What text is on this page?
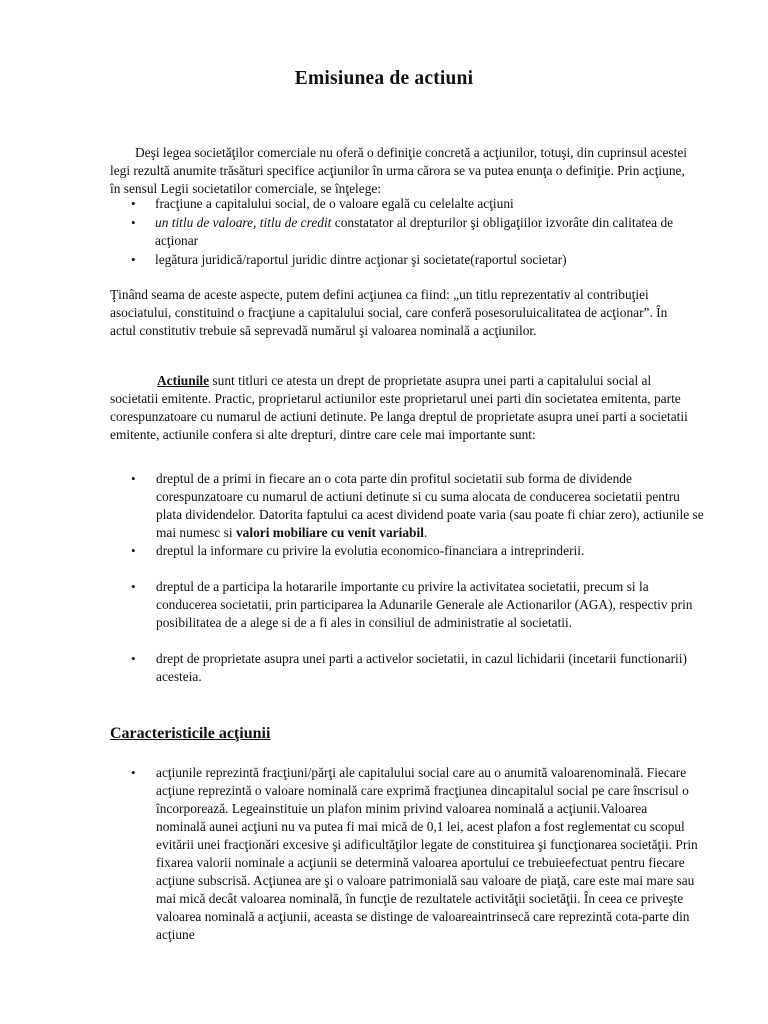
Emisiunea de actiuni
Deşi legea societăţilor comerciale nu oferă o definiţie concretă a acţiunilor, totuşi, din cuprinsul acestei legi rezultă anumite trăsături specifice acţiunilor în urma cărora se va putea enunţa o definiţie. Prin acţiune, în sensul Legii societatilor comerciale, se înţelege:
• fracţiune a capitalului social, de o valoare egală cu celelalte acţiuni
• un titlu de valoare, titlu de credit constatator al drepturilor şi obligaţiilor izvorâte din calitatea de acţionar
• legătura juridică/raportul juridic dintre acţionar şi societate(raportul societar)
Ţinând seama de aceste aspecte, putem defini acţiunea ca fiind: „un titlu reprezentativ al contribuţiei asociatului, constituind o fracţiune a capitalului social, care conferă posesoruluicalitatea de acţionar”. În actul constitutiv trebuie să seprevadă numărul şi valoarea nominală a acţiunilor.
Actiunile sunt titluri ce atesta un drept de proprietate asupra unei parti a capitalului social al societatii emitente. Practic, proprietarul actiunilor este proprietarul unei parti din societatea emitenta, parte corespunzatoare cu numarul de actiuni detinute. Pe langa dreptul de proprietate asupra unei parti a societatii emitente, actiunile confera si alte drepturi, dintre care cele mai importante sunt:
• dreptul de a primi in fiecare an o cota parte din profitul societatii sub forma de dividende corespunzatoare cu numarul de actiuni detinute si cu suma alocata de conducerea societatii pentru plata dividendelor. Datorita faptului ca acest dividend poate varia (sau poate fi chiar zero), actiunile se mai numesc si valori mobiliare cu venit variabil.
• dreptul la informare cu privire la evolutia economico-financiara a intreprinderii.
• dreptul de a participa la hotararile importante cu privire la activitatea societatii, precum si la conducerea societatii, prin participarea la Adunarile Generale ale Actionarilor (AGA), respectiv prin posibilitatea de a alege si de a fi ales in consiliul de administratie al societatii.
• drept de proprietate asupra unei parti a activelor societatii, in cazul lichidarii (incetarii functionarii) acesteia.
Caracteristicile acţiunii
• acţiunile reprezintă fracţiuni/părţi ale capitalului social care au o anumită valoarenominală. Fiecare acţiune reprezintă o valoare nominală care exprimă fracţiunea dincapitalul social pe care înscrisul o încorporează. Legeainstituie un plafon minim privind valoarea nominală a acţiunii.Valoarea nominală aunei acţiuni nu va putea fi mai mică de 0,1 lei, acest plafon a fost reglementat cu scopul evitării unei fracţionări excesive şi adificultăţilor legate de constituirea şi funcţionarea societăţii. Prin fixarea valorii nominale a acţiunii se determină valoarea aportului ce trebuieefectuat pentru fiecare acţiune subscrisă. Acţiunea are şi o valoare patrimonială sau valoare de piaţă, care este mai mare sau mai mică decât valoarea nominală, în funcţie de rezultatele activităţii societăţii. În ceea ce priveşte valoarea nominală a acţiunii, aceasta se distinge de valoareaintrinsecă care reprezintă cota-parte din acţiune
